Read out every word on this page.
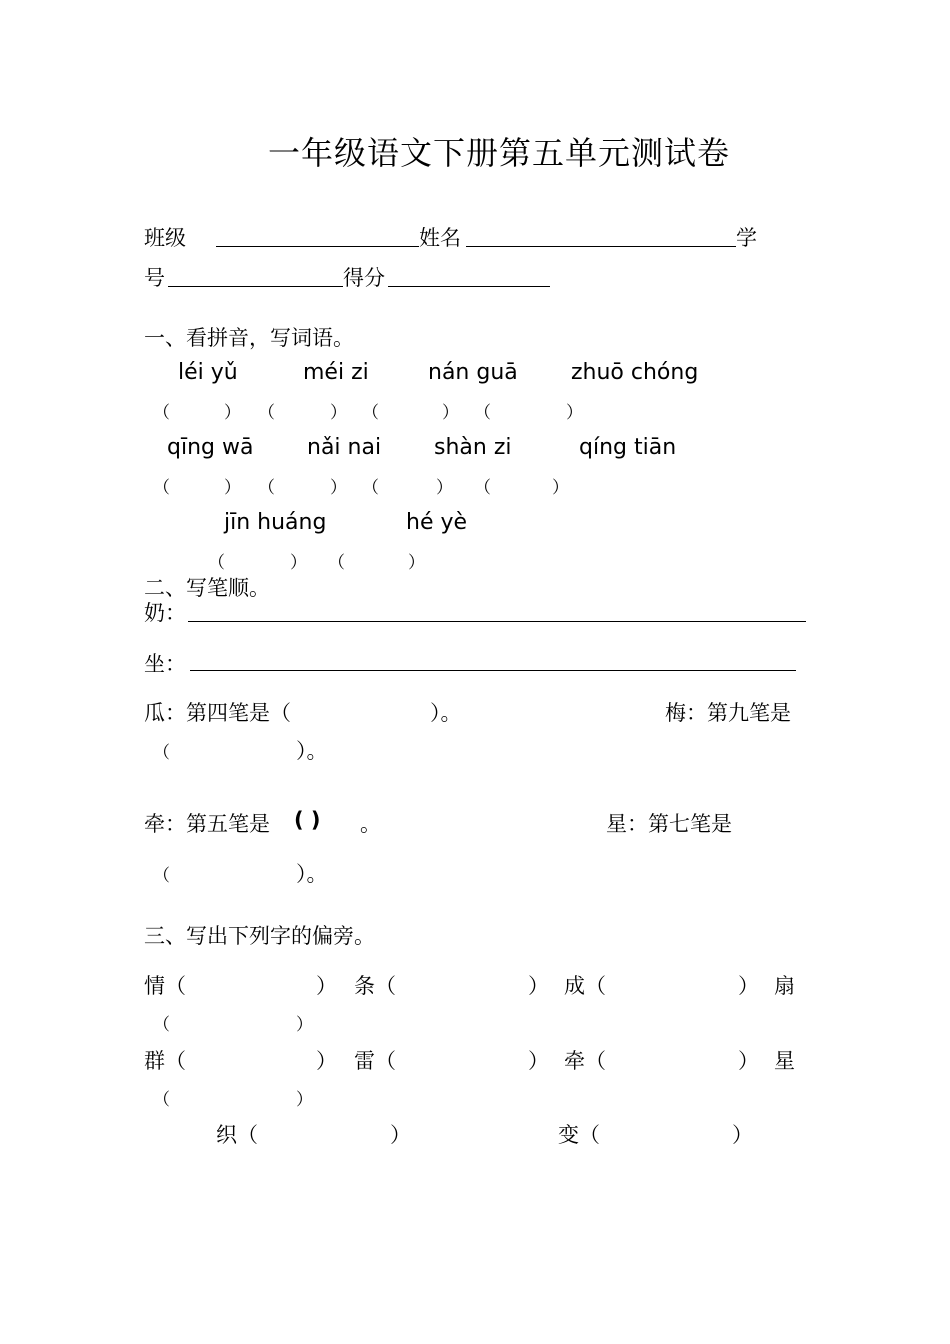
一年级语文下册第五单元测试卷
班级	姓名	学
号	得分
一、看拼音，写词语。
léi yǔ	méi zi	nán guā zhuō chóng
（	） （	） （	） （	）
qīng wā nǎi nai shàn zi	qíng tiān
（	） （	） （	） （	）
jīn huáng	hé yè
（	） （	）
二、写笔顺。
奶：
坐：
瓜：第四笔是（	）。	梅：第九笔是
（	）。
牵：第五笔是 ( ) 。	星：第七笔是
（	）。
三、写出下列字的偏旁。
情（	） 条（	） 成（	） 扇
（	）
群（	） 雷（	） 牵（	） 星
（	）
织（	）	变（	）
